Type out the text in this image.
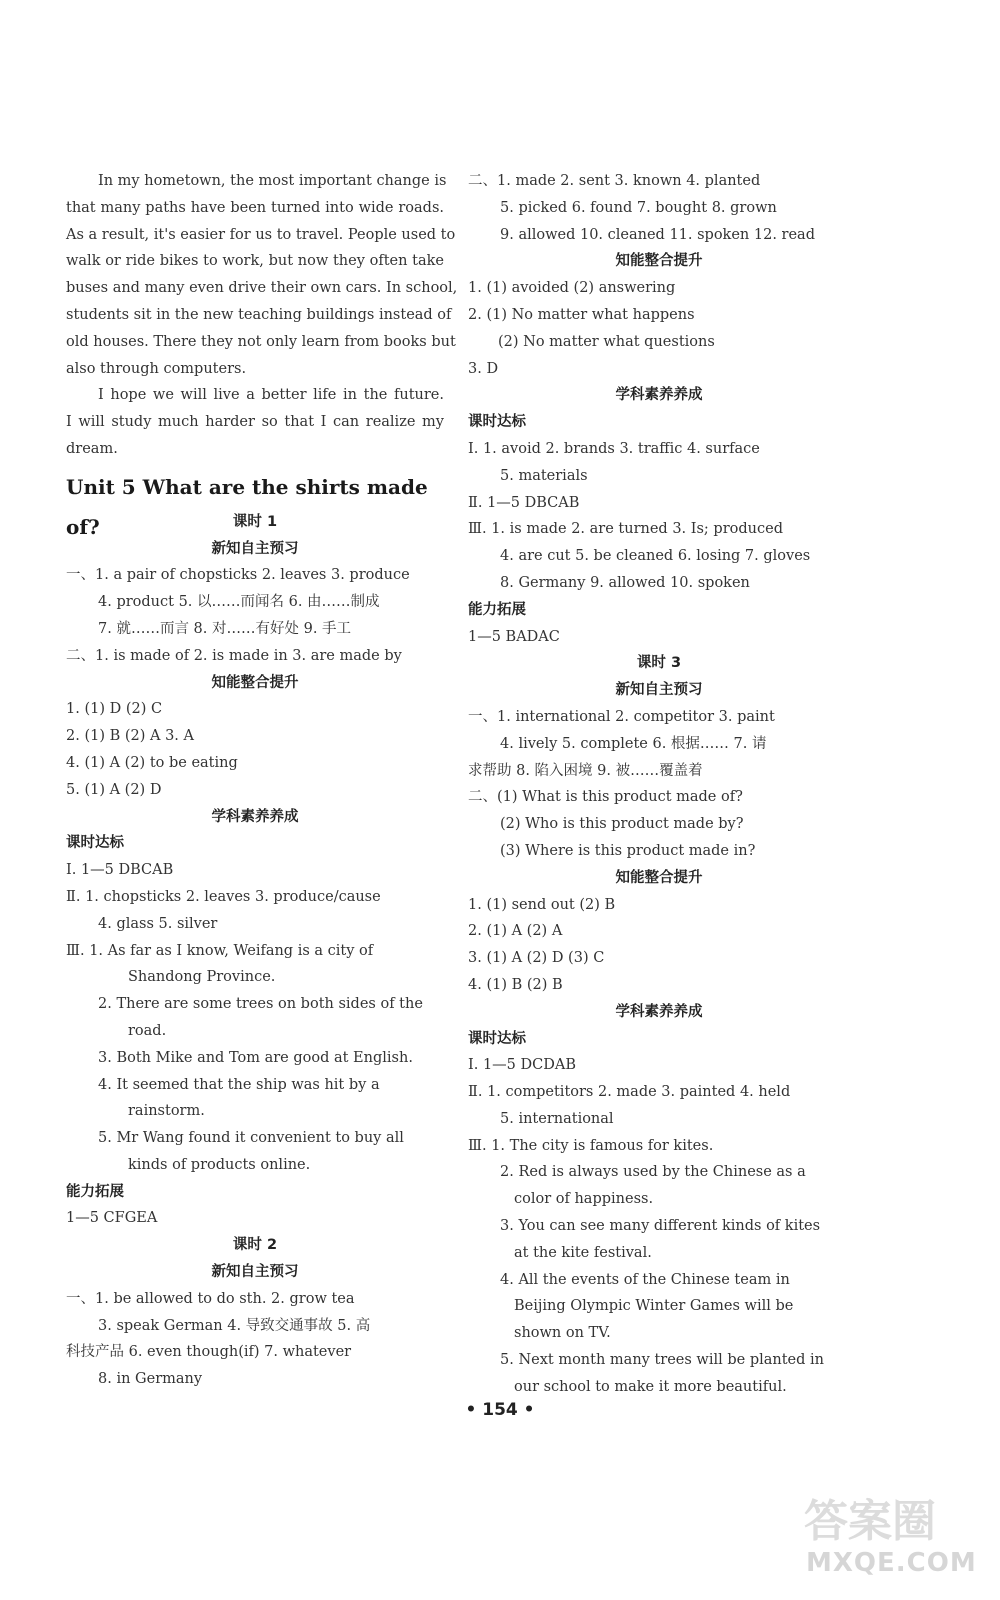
In my hometown, the most important change is
that many paths have been turned into wide roads.
As a result, it's easier for us to travel. People used to
walk or ride bikes to work, but now they often take
buses and many even drive their own cars. In school,
students sit in the new teaching buildings instead of
old houses. There they not only learn from books but
also through computers.
I hope we will live a better life in the future.
I will study much harder so that I can realize my
dream.
Unit 5 What are the shirts made of?	课时 1
新知自主预习
一、1. a pair of chopsticks 2. leaves 3. produce
4. product 5. 以……而闻名 6. 由……制成
7. 就……而言 8. 对……有好处 9. 手工
二、1. is made of 2. is made in 3. are made by
知能整合提升
1. (1) D (2) C
2. (1) B (2) A 3. A
4. (1) A (2) to be eating
5. (1) A (2) D
学科素养养成
课时达标
Ⅰ. 1—5 DBCAB
Ⅱ. 1. chopsticks 2. leaves 3. produce/cause
4. glass 5. silver
Ⅲ. 1. As far as I know, Weifang is a city of
Shandong Province.
2. There are some trees on both sides of the
road.
3. Both Mike and Tom are good at English.
4. It seemed that the ship was hit by a
rainstorm.
5. Mr Wang found it convenient to buy all
kinds of products online.
能力拓展
1—5 CFGEA
课时 2
新知自主预习
一、1. be allowed to do sth. 2. grow tea
3. speak German 4. 导致交通事故 5. 高
科技产品 6. even though(if) 7. whatever
8. in Germany
二、1. made 2. sent 3. known 4. planted
5. picked 6. found 7. bought 8. grown
9. allowed 10. cleaned 11. spoken 12. read
知能整合提升
1. (1) avoided (2) answering
2. (1) No matter what happens
(2) No matter what questions
3. D
学科素养养成
课时达标
Ⅰ. 1. avoid 2. brands 3. traffic 4. surface
5. materials
Ⅱ. 1—5 DBCAB
Ⅲ. 1. is made 2. are turned 3. Is; produced
4. are cut 5. be cleaned 6. losing 7. gloves
8. Germany 9. allowed 10. spoken
能力拓展
1—5 BADAC
课时 3
新知自主预习
一、1. international 2. competitor 3. paint
4. lively 5. complete 6. 根据…… 7. 请
求帮助 8. 陷入困境 9. 被……覆盖着
二、(1) What is this product made of?
(2) Who is this product made by?
(3) Where is this product made in?
知能整合提升
1. (1) send out (2) B
2. (1) A (2) A
3. (1) A (2) D (3) C
4. (1) B (2) B
学科素养养成
课时达标
Ⅰ. 1—5 DCDAB
Ⅱ. 1. competitors 2. made 3. painted 4. held
5. international
Ⅲ. 1. The city is famous for kites.
2. Red is always used by the Chinese as a
color of happiness.
3. You can see many different kinds of kites
at the kite festival.
4. All the events of the Chinese team in
Beijing Olympic Winter Games will be
shown on TV.
5. Next month many trees will be planted in
our school to make it more beautiful.
• 154 •
答案圈
MXQE.COM
